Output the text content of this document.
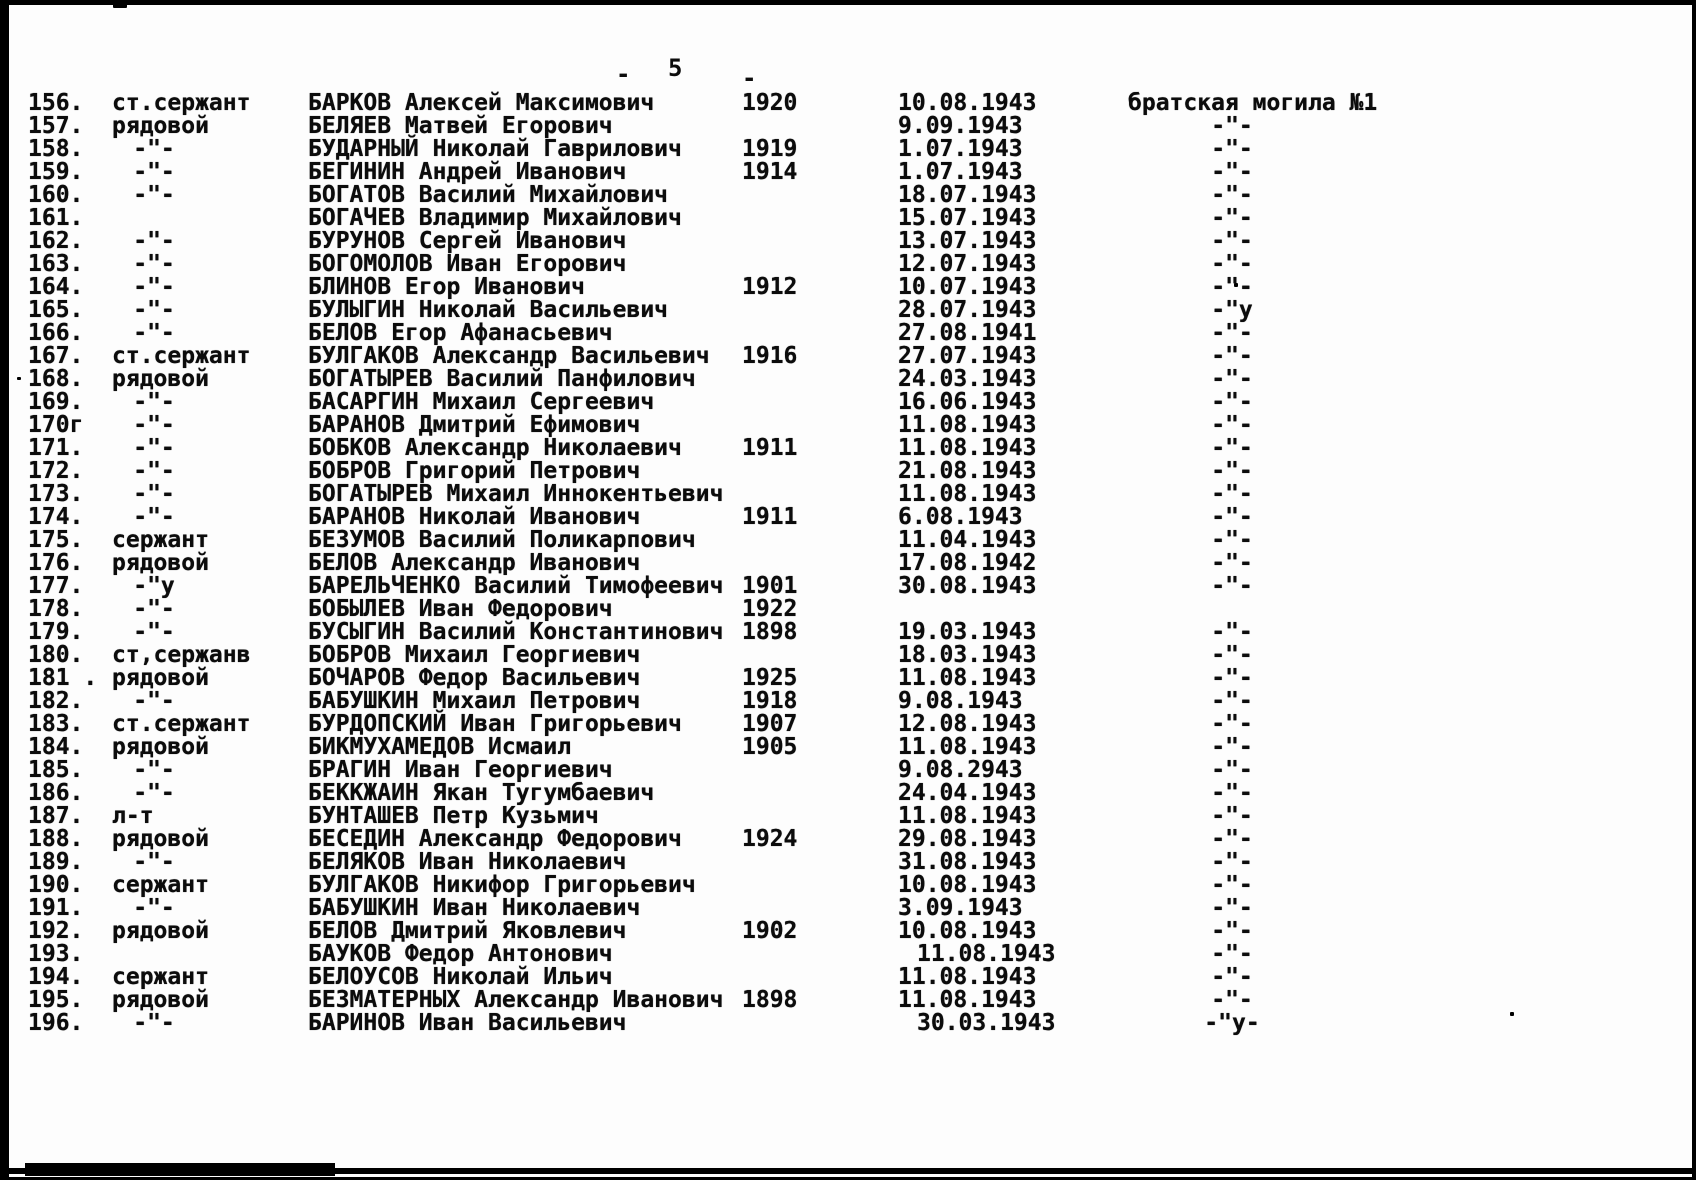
- 5 -
156. ст.сержант	БАРКОВ Алексей Максимович	1920	10.08.1943	братская могила №1
157. рядовой	БЕЛЯЕВ Матвей Егорович	9.09.1943	-"-
158.	-"-	БУДАРНЫЙ Николай Гаврилович	1919	1.07.1943	-"-
159.	-"-	БЕГИНИН Андрей Иванович	1914	1.07.1943	-"-
160.	-"-	БОГАТОВ Василий Михайлович	18.07.1943	-"-
161.	БОГАЧЕВ Владимир Михайлович	15.07.1943	-"-
162.	-"-	БУРУНОВ Сергей Иванович	13.07.1943	-"-
163.	-"-	БОГОМОЛОВ Иван Егорович	12.07.1943	-"-
164.	-"-	БЛИНОВ Егор Иванович	1912	10.07.1943	-"-
165.	-"-	БУЛЫГИН Николай Васильевич	28.07.1943	-"у
166.	-"-	БЕЛОВ Егор Афанасьевич	27.08.1941	-"-
167. ст.сержант	БУЛГАКОВ Александр Васильевич 1916	27.07.1943	-"-
168. рядовой	БОГАТЫРЕВ Василий Панфилович	24.03.1943	-"-
169.	-"-	БАСАРГИН Михаил Сергеевич	16.06.1943	-"-
170г	-"-	БАРАНОВ Дмитрий Ефимович	11.08.1943	-"-
171.	-"-	БОБКОВ Александр Николаевич	1911	11.08.1943	-"-
172.	-"-	БОБРОВ Григорий Петрович	21.08.1943	-"-
173.	-"-	БОГАТЫРЕВ Михаил Иннокентьевич	11.08.1943	-"-
174.	-"-	БАРАНОВ Николай Иванович	1911	6.08.1943	-"-
175. сержант	БЕЗУМОВ Василий Поликарпович	11.04.1943	-"-
176. рядовой	БЕЛОВ Александр Иванович	17.08.1942	-"-
177.	-"у	БАРЕЛЬЧЕНКО Василий Тимофеевич 1901	30.08.1943	-"-
178.	-"-	БОБЫЛЕВ Иван Федорович	1922
179.	-"-	БУСЫГИН Василий Константинович 1898	19.03.1943	-"-
180. ст,сержанв	БОБРОВ Михаил Георгиевич	18.03.1943	-"-
181 . рядовой	БОЧАРОВ Федор Васильевич	1925	11.08.1943	-"-
182.	-"-	БАБУШКИН Михаил Петрович	1918	9.08.1943	-"-
183. ст.сержант	БУРДОПСКИЙ Иван Григорьевич	1907	12.08.1943	-"-
184. рядовой	БИКМУХАМЕДОВ Исмаил	1905	11.08.1943	-"-
185.	-"-	БРАГИН Иван Георгиевич	9.08.2943	-"-
186.	-"-	БЕККЖАИН Якан Тугумбаевич	24.04.1943	-"-
187. л-т	БУНТАШЕВ Петр Кузьмич	11.08.1943	-"-
188. рядовой	БЕСЕДИН Александр Федорович	1924	29.08.1943	-"-
189.	-"-	БЕЛЯКОВ Иван Николаевич	31.08.1943	-"-
190. сержант	БУЛГАКОВ Никифор Григорьевич	10.08.1943	-"-
191.	-"-	БАБУШКИН Иван Николаевич	3.09.1943	-"-
192. рядовой	БЕЛОВ Дмитрий Яковлевич	1902	10.08.1943	-"-
193.	БАУКОВ Федор Антонович	11.08.1943	-"-
194. сержант	БЕЛОУСОВ Николай Ильич	11.08.1943	-"-
195. рядовой	БЕЗМАТЕРНЫХ Александр Иванович 1898	11.08.1943	-"-
196.	-"-	БАРИНОВ Иван Васильевич	30.03.1943	-"у-
